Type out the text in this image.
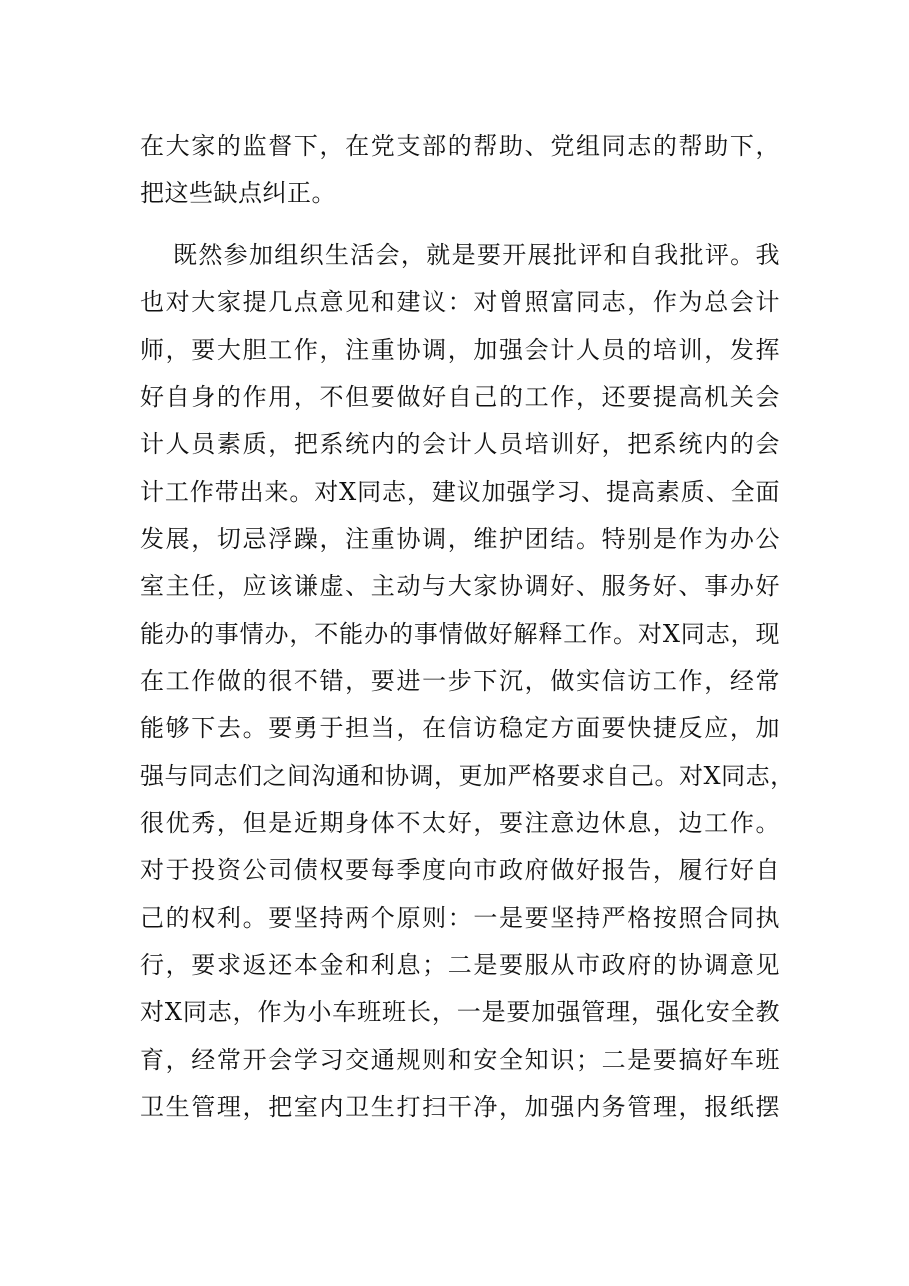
在大家的监督下，在党支部的帮助、党组同志的帮助下，
把这些缺点纠正。
既然参加组织生活会，就是要开展批评和自我批评。我
也对大家提几点意见和建议：对曾照富同志，作为总会计
师，要大胆工作，注重协调，加强会计人员的培训，发挥
好自身的作用，不但要做好自己的工作，还要提高机关会
计人员素质，把系统内的会计人员培训好，把系统内的会
计工作带出来。对X同志，建议加强学习、提高素质、全面
发展，切忌浮躁，注重协调，维护团结。特别是作为办公
室主任，应该谦虚、主动与大家协调好、服务好、事办好
能办的事情办，不能办的事情做好解释工作。对X同志，现
在工作做的很不错，要进一步下沉，做实信访工作，经常
能够下去。要勇于担当，在信访稳定方面要快捷反应，加
强与同志们之间沟通和协调，更加严格要求自己。对X同志，
很优秀，但是近期身体不太好，要注意边休息，边工作。
对于投资公司债权要每季度向市政府做好报告，履行好自
己的权利。要坚持两个原则：一是要坚持严格按照合同执
行，要求返还本金和利息；二是要服从市政府的协调意见
对X同志，作为小车班班长，一是要加强管理，强化安全教
育，经常开会学习交通规则和安全知识；二是要搞好车班
卫生管理，把室内卫生打扫干净，加强内务管理，报纸摆
